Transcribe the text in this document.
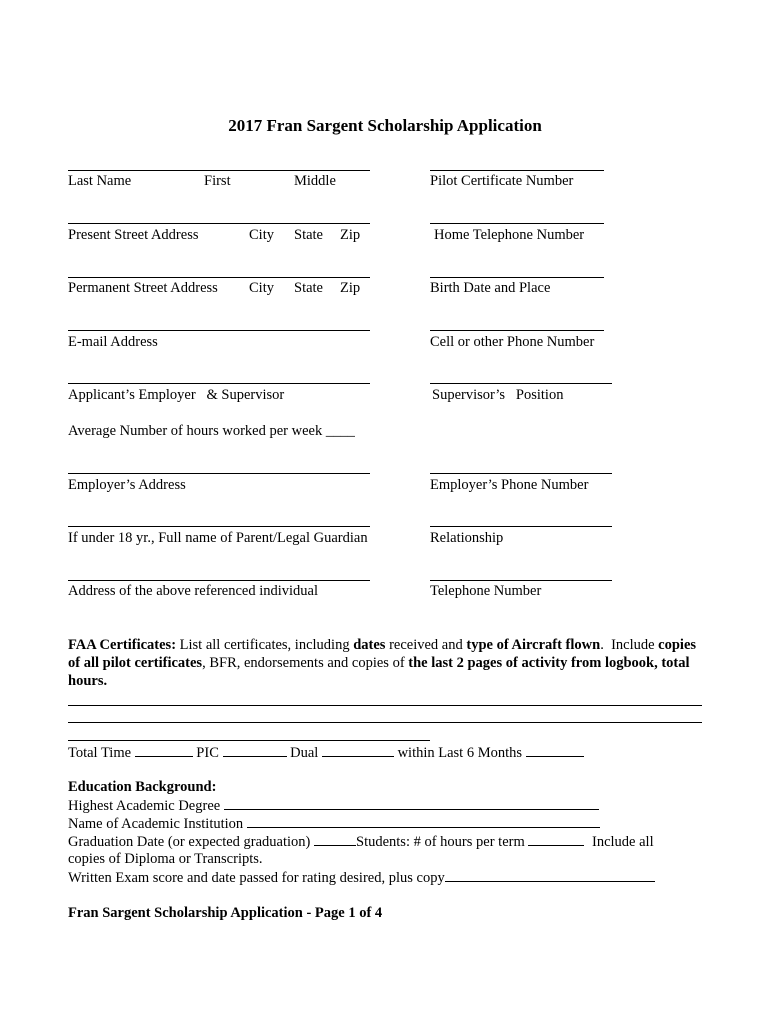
2017 Fran Sargent Scholarship Application
Last Name	First	Middle	Pilot Certificate Number
Present Street Address	City State Zip	Home Telephone Number
Permanent Street Address City State Zip	Birth Date and Place
E-mail Address	Cell or other Phone Number
Applicant’s Employer   & Supervisor	Supervisor’s   Position
Average Number of hours worked per week ____
Employer’s Address	Employer’s Phone Number
If under 18 yr., Full name of Parent/Legal Guardian	Relationship
Address of the above referenced individual	Telephone Number
FAA Certificates: List all certificates, including dates received and type of Aircraft flown.  Include copies of all pilot certificates, BFR, endorsements and copies of the last 2 pages of activity from logbook, total hours.
Total Time	PIC	Dual	within Last 6 Months
Education Background:
Highest Academic Degree
Name of Academic Institution
Graduation Date (or expected graduation)	Students: # of hours per term	Include all
copies of Diploma or Transcripts.
Written Exam score and date passed for rating desired, plus copy
Fran Sargent Scholarship Application - Page 1 of 4
